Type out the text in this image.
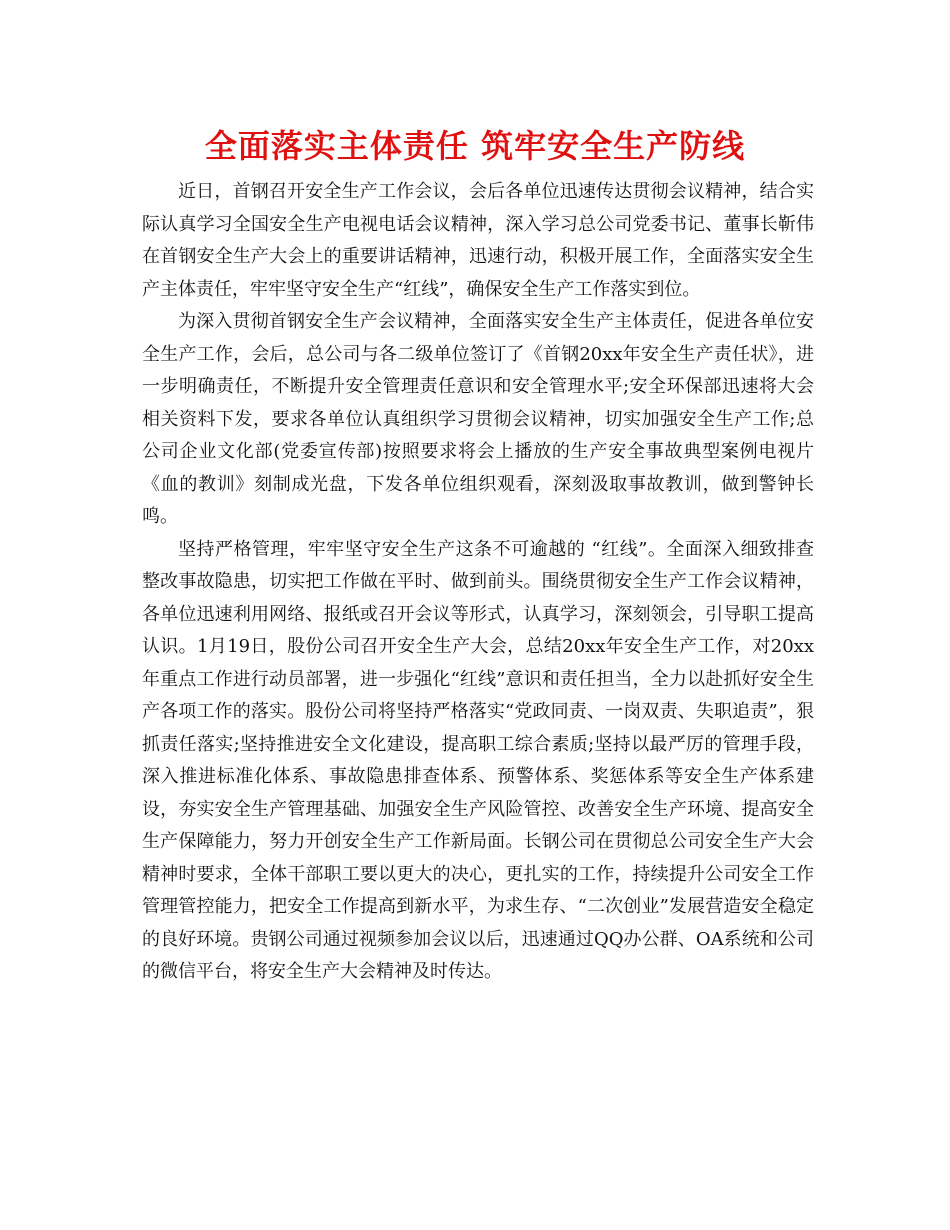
全面落实主体责任 筑牢安全生产防线

近日，首钢召开安全生产工作会议，会后各单位迅速传达贯彻会议精神，结合实际认真学习全国安全生产电视电话会议精神，深入学习总公司党委书记、董事长靳伟在首钢安全生产大会上的重要讲话精神，迅速行动，积极开展工作，全面落实安全生产主体责任，牢牢坚守安全生产“红线”，确保安全生产工作落实到位。

为深入贯彻首钢安全生产会议精神，全面落实安全生产主体责任，促进各单位安全生产工作，会后，总公司与各二级单位签订了《首钢20xx年安全生产责任状》，进一步明确责任，不断提升安全管理责任意识和安全管理水平;安全环保部迅速将大会相关资料下发，要求各单位认真组织学习贯彻会议精神，切实加强安全生产工作;总公司企业文化部(党委宣传部)按照要求将会上播放的生产安全事故典型案例电视片《血的教训》刻制成光盘，下发各单位组织观看，深刻汲取事故教训，做到警钟长鸣。

坚持严格管理，牢牢坚守安全生产这条不可逾越的 “红线”。全面深入细致排查整改事故隐患，切实把工作做在平时、做到前头。围绕贯彻安全生产工作会议精神，各单位迅速利用网络、报纸或召开会议等形式，认真学习，深刻领会，引导职工提高认识。1月19日，股份公司召开安全生产大会，总结20xx年安全生产工作，对20xx年重点工作进行动员部署，进一步强化“红线”意识和责任担当，全力以赴抓好安全生产各项工作的落实。股份公司将坚持严格落实“党政同责、一岗双责、失职追责”，狠抓责任落实;坚持推进安全文化建设，提高职工综合素质;坚持以最严厉的管理手段，深入推进标准化体系、事故隐患排查体系、预警体系、奖惩体系等安全生产体系建设，夯实安全生产管理基础、加强安全生产风险管控、改善安全生产环境、提高安全生产保障能力，努力开创安全生产工作新局面。长钢公司在贯彻总公司安全生产大会精神时要求，全体干部职工要以更大的决心，更扎实的工作，持续提升公司安全工作管理管控能力，把安全工作提高到新水平，为求生存、“二次创业”发展营造安全稳定的良好环境。贵钢公司通过视频参加会议以后，迅速通过QQ办公群、OA系统和公司的微信平台，将安全生产大会精神及时传达。
